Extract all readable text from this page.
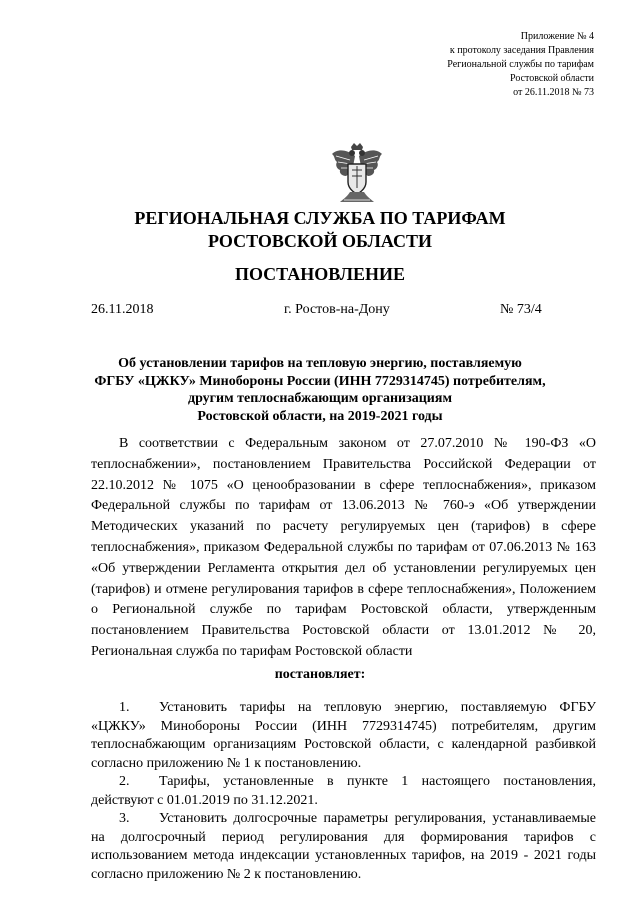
Приложение № 4
к протоколу заседания Правления
Региональной службы по тарифам
Ростовской области
от 26.11.2018 № 73
РЕГИОНАЛЬНАЯ СЛУЖБА ПО ТАРИФАМ
РОСТОВСКОЙ ОБЛАСТИ
ПОСТАНОВЛЕНИЕ
26.11.2018	г. Ростов-на-Дону	№ 73/4
Об установлении тарифов на тепловую энергию, поставляемую
ФГБУ «ЦЖКУ» Минобороны России (ИНН 7729314745) потребителям,
другим теплоснабжающим организациям
Ростовской области, на 2019-2021 годы

В соответствии с Федеральным законом от 27.07.2010 № 190-ФЗ «О теплоснабжении», постановлением Правительства Российской Федерации от 22.10.2012 № 1075 «О ценообразовании в сфере теплоснабжения», приказом Федеральной службы по тарифам от 13.06.2013 № 760-э «Об утверждении Методических указаний по расчету регулируемых цен (тарифов) в сфере теплоснабжения», приказом Федеральной службы по тарифам от 07.06.2013 № 163 «Об утверждении Регламента открытия дел об установлении регулируемых цен (тарифов) и отмене регулирования тарифов в сфере теплоснабжения», Положением о Региональной службе по тарифам Ростовской области, утвержденным постановлением Правительства Ростовской области от 13.01.2012 № 20, Региональная служба по тарифам Ростовской области

постановляет:

1. Установить тарифы на тепловую энергию, поставляемую ФГБУ «ЦЖКУ» Минобороны России (ИНН 7729314745) потребителям, другим теплоснабжающим организациям Ростовской области, с календарной разбивкой согласно приложению № 1 к постановлению.

2. Тарифы, установленные в пункте 1 настоящего постановления, действуют с 01.01.2019 по 31.12.2021.

3. Установить долгосрочные параметры регулирования, устанавливаемые на долгосрочный период регулирования для формирования тарифов с использованием метода индексации установленных тарифов, на 2019 - 2021 годы согласно приложению № 2 к постановлению.
